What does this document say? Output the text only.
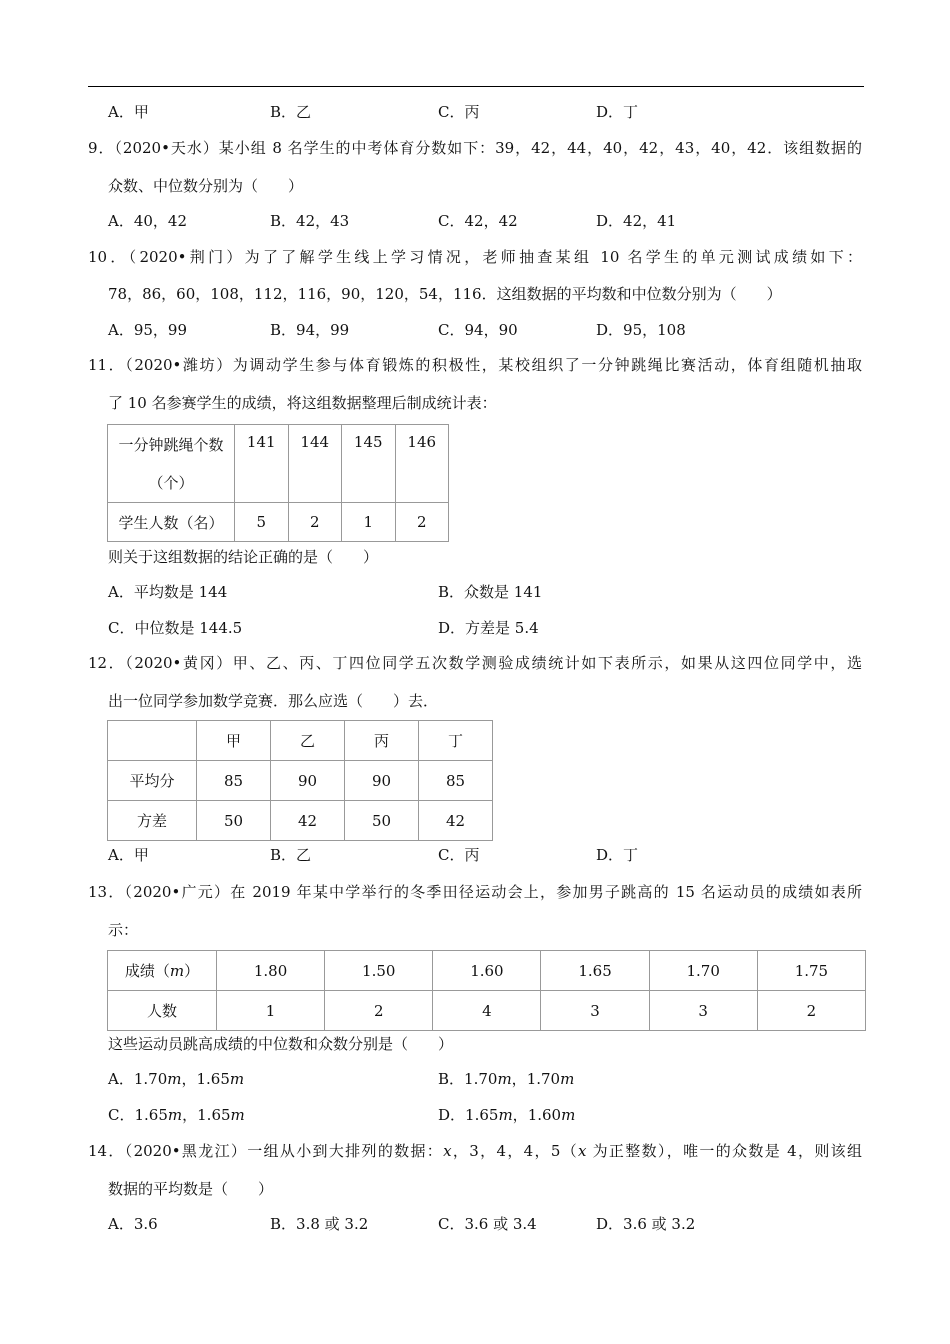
A．甲	B．乙	C．丙	D．丁
9．（2020•天水）某小组 8 名学生的中考体育分数如下：39，42，44，40，42，43，40，42．该组数据的
众数、中位数分别为（　　）
A．40，42	B．42，43	C．42，42	D．42，41
10．（2020•荆门）为了了解学生线上学习情况，老师抽查某组 10 名学生的单元测试成绩如下：
78，86，60，108，112，116，90，120，54，116．这组数据的平均数和中位数分别为（　　）
A．95，99	B．94，99	C．94，90	D．95，108
11．（2020•潍坊）为调动学生参与体育锻炼的积极性，某校组织了一分钟跳绳比赛活动，体育组随机抽取
了 10 名参赛学生的成绩，将这组数据整理后制成统计表：
一分钟跳绳个数
（个）	141	144	145	146
学生人数（名）	5	2	1	2
则关于这组数据的结论正确的是（　　）
A．平均数是 144	B．众数是 141
C．中位数是 144.5	D．方差是 5.4
12．（2020•黄冈）甲、乙、丙、丁四位同学五次数学测验成绩统计如下表所示，如果从这四位同学中，选
出一位同学参加数学竞赛．那么应选（　　）去．
	甲	乙	丙	丁
平均分	85	90	90	85
方差	50	42	50	42
A．甲	B．乙	C．丙	D．丁
13．（2020•广元）在 2019 年某中学举行的冬季田径运动会上，参加男子跳高的 15 名运动员的成绩如表所
示：
成绩（m）	1.80	1.50	1.60	1.65	1.70	1.75
人数	1	2	4	3	3	2
这些运动员跳高成绩的中位数和众数分别是（　　）
A．1.70m，1.65m	B．1.70m，1.70m
C．1.65m，1.65m	D．1.65m，1.60m
14．（2020•黑龙江）一组从小到大排列的数据：x，3，4，4，5（x 为正整数），唯一的众数是 4，则该组
数据的平均数是（　　）
A．3.6	B．3.8 或 3.2	C．3.6 或 3.4	D．3.6 或 3.2
